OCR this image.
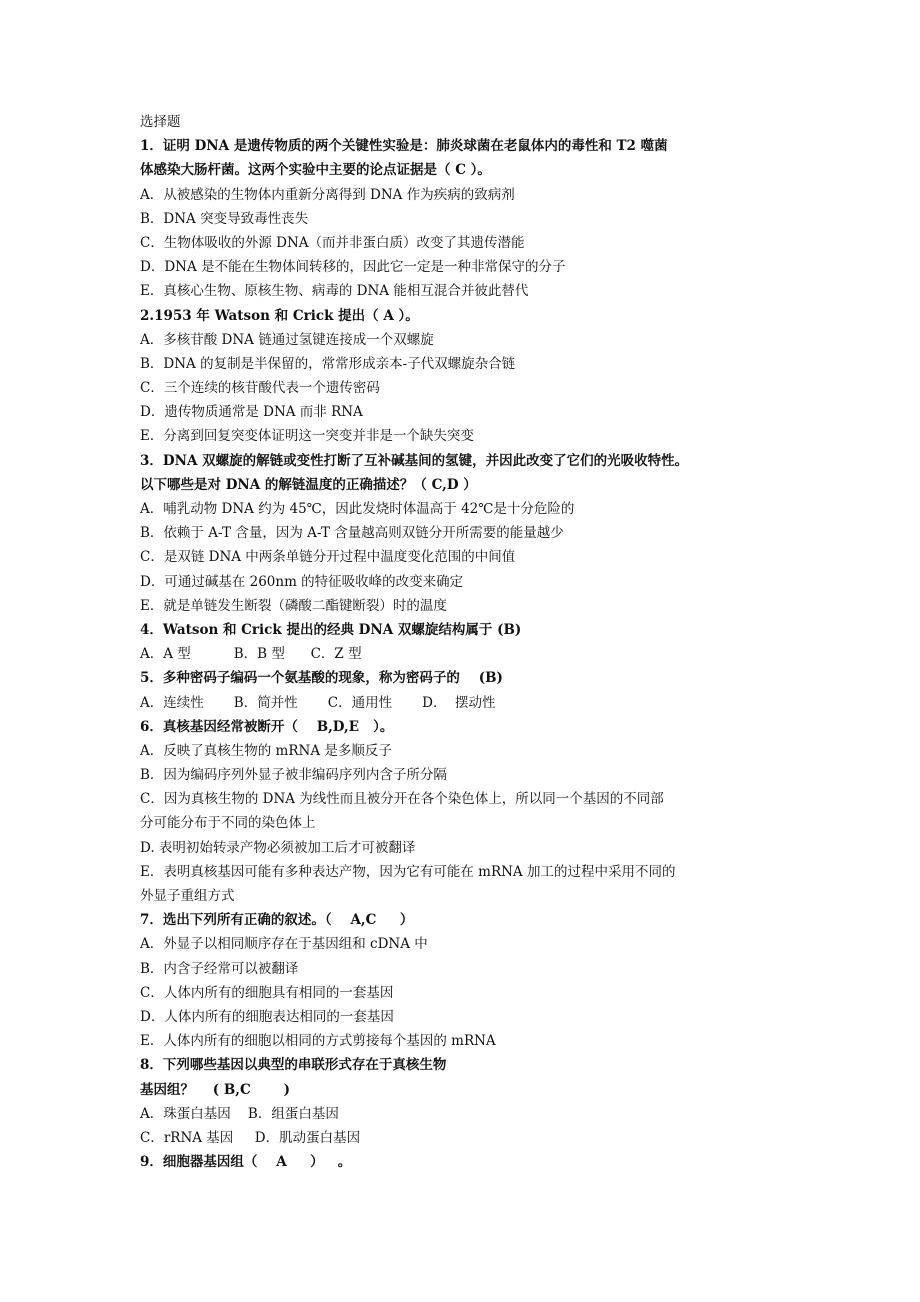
选择题
1．证明 DNA 是遗传物质的两个关键性实验是：肺炎球菌在老鼠体内的毒性和 T2 噬菌
体感染大肠杆菌。这两个实验中主要的论点证据是（ C ）。
A．从被感染的生物体内重新分离得到 DNA 作为疾病的致病剂
B．DNA 突变导致毒性丧失
C．生物体吸收的外源 DNA（而并非蛋白质）改变了其遗传潜能
D．DNA 是不能在生物体间转移的，因此它一定是一种非常保守的分子
E．真核心生物、原核生物、病毒的 DNA 能相互混合并彼此替代
2.1953 年 Watson 和 Crick 提出（ A ）。
A．多核苷酸 DNA 链通过氢键连接成一个双螺旋
B．DNA 的复制是半保留的，常常形成亲本-子代双螺旋杂合链
C．三个连续的核苷酸代表一个遗传密码
D．遗传物质通常是 DNA 而非 RNA
E．分离到回复突变体证明这一突变并非是一个缺失突变
3．DNA 双螺旋的解链或变性打断了互补碱基间的氢键，并因此改变了它们的光吸收特性。
以下哪些是对 DNA 的解链温度的正确描述？（ C,D ）
A．哺乳动物 DNA 约为 45℃，因此发烧时体温高于 42℃是十分危险的
B．依赖于 A-T 含量，因为 A-T 含量越高则双链分开所需要的能量越少
C．是双链 DNA 中两条单链分开过程中温度变化范围的中间值
D．可通过碱基在 260nm 的特征吸收峰的改变来确定
E．就是单链发生断裂（磷酸二酯键断裂）时的温度
4．Watson 和 Crick 提出的经典 DNA 双螺旋结构属于 (B)
A．A 型          B．B 型      C．Z 型
5．多种密码子编码一个氨基酸的现象，称为密码子的    (B)
A．连续性       B．简并性       C．通用性       D．  摆动性
6．真核基因经常被断开（    B,D,E   ）。
A．反映了真核生物的 mRNA 是多顺反子
B．因为编码序列外显子被非编码序列内含子所分隔
C．因为真核生物的 DNA 为线性而且被分开在各个染色体上，所以同一个基因的不同部
分可能分布于不同的染色体上
D. 表明初始转录产物必须被加工后才可被翻译
E．表明真核基因可能有多种表达产物，因为它有可能在 mRNA 加工的过程中采用不同的
外显子重组方式
7．选出下列所有正确的叙述。（    A,C     ）
A．外显子以相同顺序存在于基因组和 cDNA 中
B．内含子经常可以被翻译
C．人体内所有的细胞具有相同的一套基因
D．人体内所有的细胞表达相同的一套基因
E．人体内所有的细胞以相同的方式剪接每个基因的 mRNA
8．下列哪些基因以典型的串联形式存在于真核生物
基因组？    ( B,C       )
A．珠蛋白基因    B．组蛋白基因
C．rRNA 基因     D．肌动蛋白基因
9．细胞器基因组（    A     ）   。
